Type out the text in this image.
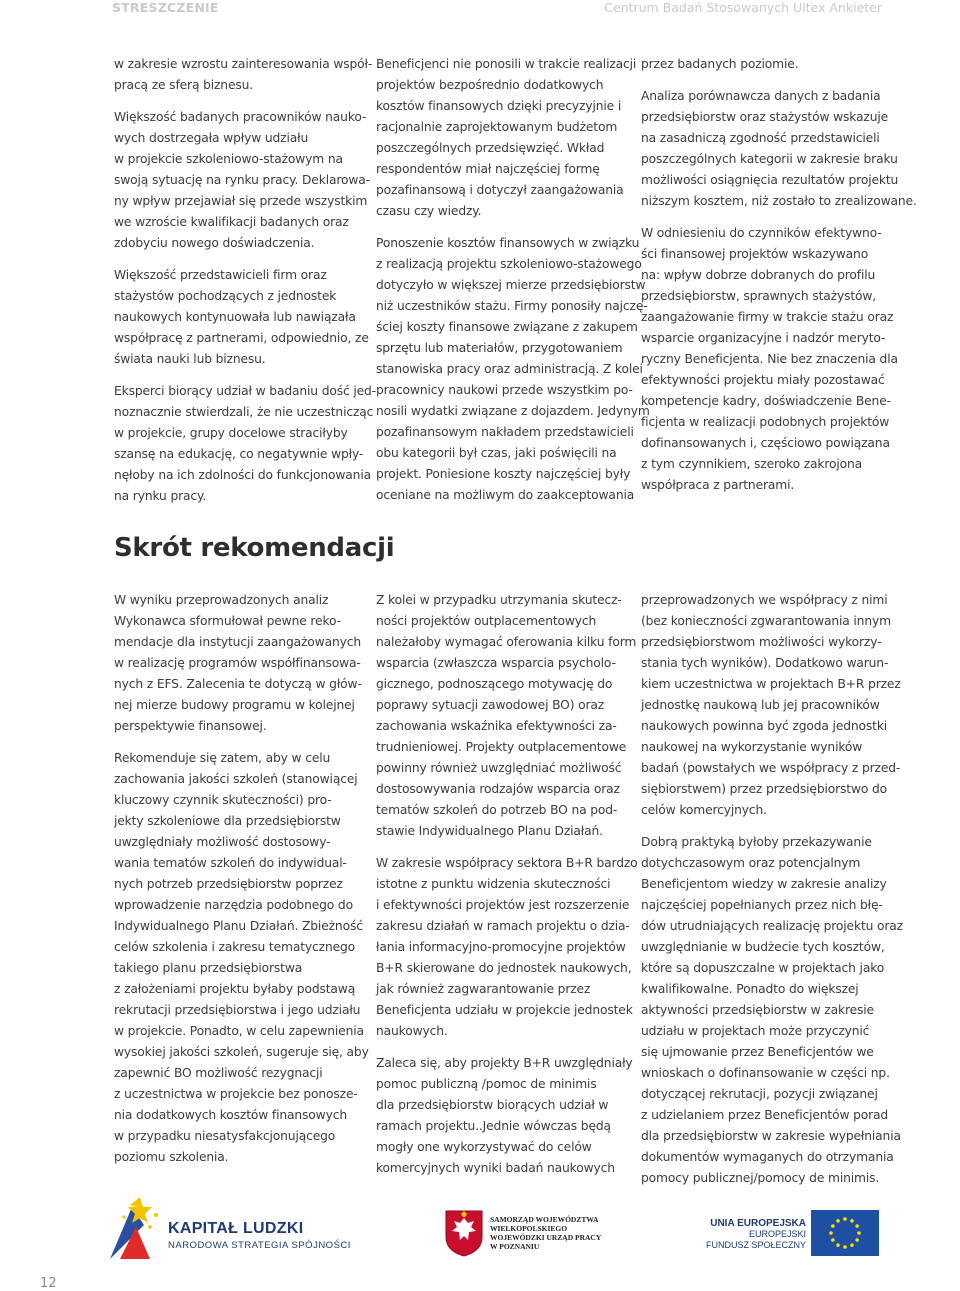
STRESZCZENIE	Centrum Badań Stosowanych Ultex Ankieter

w zakresie wzrostu zainteresowania współ-
pracą ze sferą biznesu.

Większość badanych pracowników nauko-
wych dostrzegała wpływ udziału
w projekcie szkoleniowo-stażowym na
swoją sytuację na rynku pracy. Deklarowa-
ny wpływ przejawiał się przede wszystkim
we wzroście kwalifikacji badanych oraz
zdobyciu nowego doświadczenia.

Większość przedstawicieli firm oraz
stażystów pochodzących z jednostek
naukowych kontynuowała lub nawiązała
współpracę z partnerami, odpowiednio, ze
świata nauki lub biznesu.

Eksperci biorący udział w badaniu dość jed-
noznacznie stwierdzali, że nie uczestnicząc
w projekcie, grupy docelowe straciłyby
szansę na edukację, co negatywnie wpły-
nęłoby na ich zdolności do funkcjonowania
na rynku pracy.

Beneficjenci nie ponosili w trakcie realizacji
projektów bezpośrednio dodatkowych
kosztów finansowych dzięki precyzyjnie i
racjonalnie zaprojektowanym budżetom
poszczególnych przedsięwzięć. Wkład
respondentów miał najczęściej formę
pozafinansową i dotyczył zaangażowania
czasu czy wiedzy.

Ponoszenie kosztów finansowych w związku
z realizacją projektu szkoleniowo-stażowego
dotyczyło w większej mierze przedsiębiorstw
niż uczestników stażu. Firmy ponosiły najczę-
ściej koszty finansowe związane z zakupem
sprzętu lub materiałów, przygotowaniem
stanowiska pracy oraz administracją. Z kolei
pracownicy naukowi przede wszystkim po-
nosili wydatki związane z dojazdem. Jedynym
pozafinansowym nakładem przedstawicieli
obu kategorii był czas, jaki poświęcili na
projekt. Poniesione koszty najczęściej były
oceniane na możliwym do zaakceptowania

przez badanych poziomie.

Analiza porównawcza danych z badania
przedsiębiorstw oraz stażystów wskazuje
na zasadniczą zgodność przedstawicieli
poszczególnych kategorii w zakresie braku
możliwości osiągnięcia rezultatów projektu
niższym kosztem, niż zostało to zrealizowane.

W odniesieniu do czynników efektywno-
ści finansowej projektów wskazywano
na: wpływ dobrze dobranych do profilu
przedsiębiorstw, sprawnych stażystów,
zaangażowanie firmy w trakcie stażu oraz
wsparcie organizacyjne i nadzór meryto-
ryczny Beneficjenta. Nie bez znaczenia dla
efektywności projektu miały pozostawać
kompetencje kadry, doświadczenie Bene-
ficjenta w realizacji podobnych projektów
dofinansowanych i, częściowo powiązana
z tym czynnikiem, szeroko zakrojona
współpraca z partnerami.

Skrót rekomendacji

W wyniku przeprowadzonych analiz
Wykonawca sformułował pewne reko-
mendacje dla instytucji zaangażowanych
w realizację programów współfinansowa-
nych z EFS. Zalecenia te dotyczą w głów-
nej mierze budowy programu w kolejnej
perspektywie finansowej.

Rekomenduje się zatem, aby w celu
zachowania jakości szkoleń (stanowiącej
kluczowy czynnik skuteczności) pro-
jekty szkoleniowe dla przedsiębiorstw
uwzględniały możliwość dostosowy-
wania tematów szkoleń do indywidual-
nych potrzeb przedsiębiorstw poprzez
wprowadzenie narzędzia podobnego do
Indywidualnego Planu Działań. Zbieżność
celów szkolenia i zakresu tematycznego
takiego planu przedsiębiorstwa
z założeniami projektu byłaby podstawą
rekrutacji przedsiębiorstwa i jego udziału
w projekcie. Ponadto, w celu zapewnienia
wysokiej jakości szkoleń, sugeruje się, aby
zapewnić BO możliwość rezygnacji
z uczestnictwa w projekcie bez ponosze-
nia dodatkowych kosztów finansowych
w przypadku niesatysfakcjonującego
poziomu szkolenia.

Z kolei w przypadku utrzymania skutecz-
ności projektów outplacementowych
należałoby wymagać oferowania kilku form
wsparcia (zwłaszcza wsparcia psycholo-
gicznego, podnoszącego motywację do
poprawy sytuacji zawodowej BO) oraz
zachowania wskaźnika efektywności za-
trudnieniowej. Projekty outplacementowe
powinny również uwzględniać możliwość
dostosowywania rodzajów wsparcia oraz
tematów szkoleń do potrzeb BO na pod-
stawie Indywidualnego Planu Działań.

W zakresie współpracy sektora B+R bardzo
istotne z punktu widzenia skuteczności
i efektywności projektów jest rozszerzenie
zakresu działań w ramach projektu o dzia-
łania informacyjno-promocyjne projektów
B+R skierowane do jednostek naukowych,
jak również zagwarantowanie przez
Beneficjenta udziału w projekcie jednostek
naukowych.

Zaleca się, aby projekty B+R uwzględniały
pomoc publiczną /pomoc de minimis
dla przedsiębiorstw biorących udział w
ramach projektu..Jednie wówczas będą
mogły one wykorzystywać do celów
komercyjnych wyniki badań naukowych

przeprowadzonych we współpracy z nimi
(bez konieczności zgwarantowania innym
przedsiębiorstwom możliwości wykorzy-
stania tych wyników). Dodatkowo warun-
kiem uczestnictwa w projektach B+R przez
jednostkę naukową lub jej pracowników
naukowych powinna być zgoda jednostki
naukowej na wykorzystanie wyników
badań (powstałych we współpracy z przed-
siębiorstwem) przez przedsiębiorstwo do
celów komercyjnych.

Dobrą praktyką byłoby przekazywanie
dotychczasowym oraz potencjalnym
Beneficjentom wiedzy w zakresie analizy
najczęściej popełnianych przez nich błę-
dów utrudniających realizację projektu oraz
uwzględnianie w budżecie tych kosztów,
które są dopuszczalne w projektach jako
kwalifikowalne. Ponadto do większej
aktywności przedsiębiorstw w zakresie
udziału w projektach może przyczynić
się ujmowanie przez Beneficjentów we
wnioskach o dofinansowanie w części np.
dotyczącej rekrutacji, pozycji związanej
z udzielaniem przez Beneficjentów porad
dla przedsiębiorstw w zakresie wypełniania
dokumentów wymaganych do otrzymania
pomocy publicznej/pomocy de minimis.

KAPITAŁ LUDZKI
NARODOWA STRATEGIA SPÓJNOŚCI
SAMORZĄD WOJEWÓDZTWA
WIELKOPOLSKIEGO
WOJEWÓDZKI URZĄD PRACY
W POZNANIU
UNIA EUROPEJSKA
EUROPEJSKI
FUNDUSZ SPOŁECZNY
12
